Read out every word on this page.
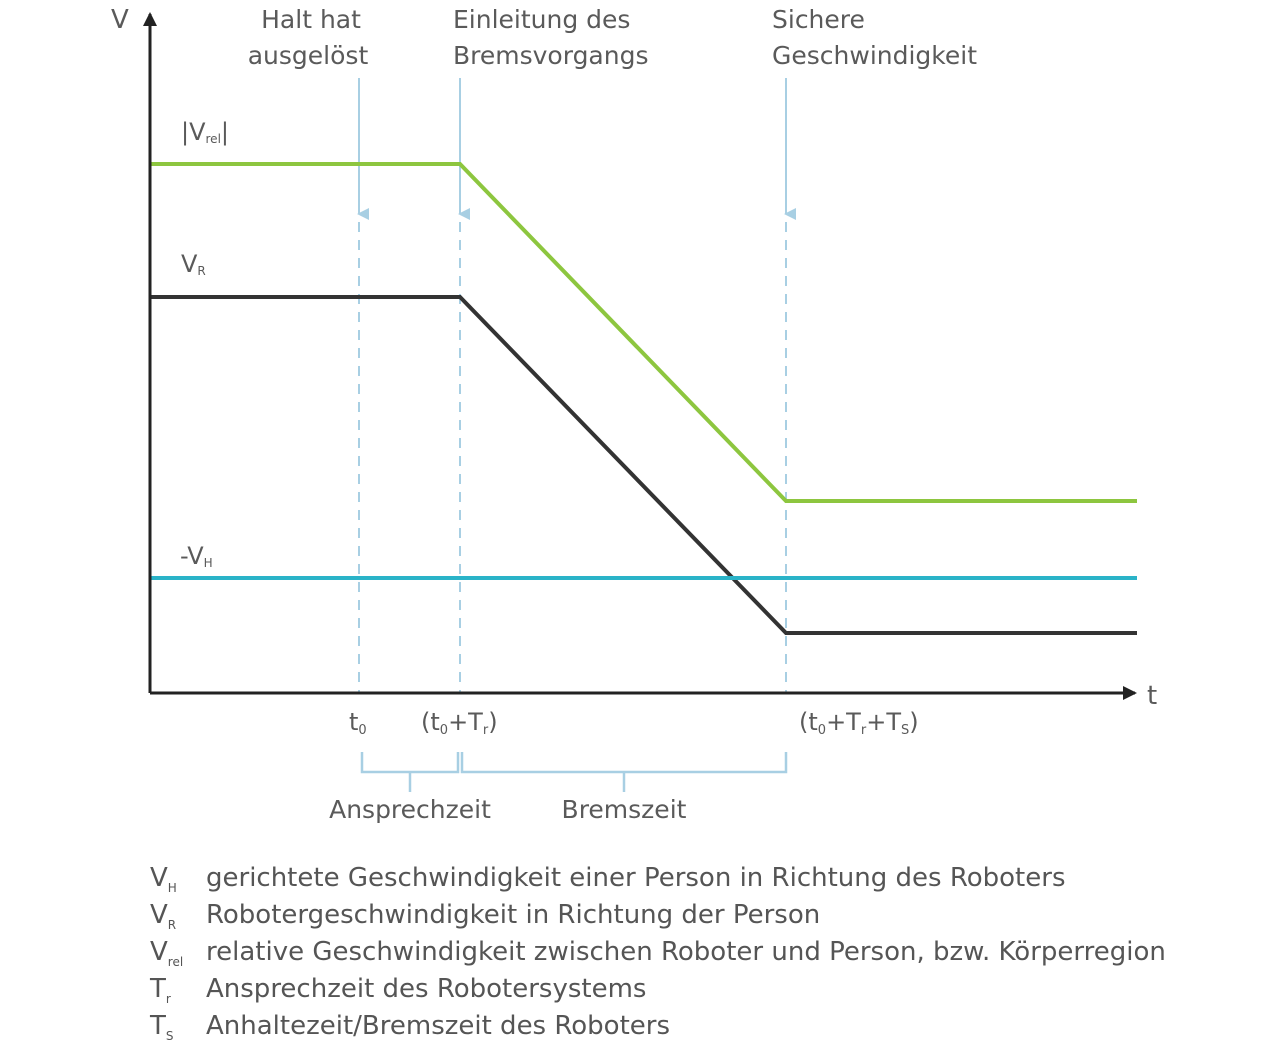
V
t
Halt hat ausgelöst
Einleitung des Bremsvorgangs
Sichere Geschwindigkeit
|Vrel|
VR
-VH
t0 (t0+Tr)	(t0+Tr+TS)
Ansprechzeit	Bremszeit
$V_H$	gerichtete Geschwindigkeit einer Person in Richtung des Roboters
$V_R$	Robotergeschwindigkeit in Richtung der Person
$V_{rel}$ relative Geschwindigkeit zwischen Roboter und Person, bzw. Körperregion
$T_r$	Ansprechzeit des Robotersystems
$T_S$	Anhaltezeit/Bremszeit des Roboters
